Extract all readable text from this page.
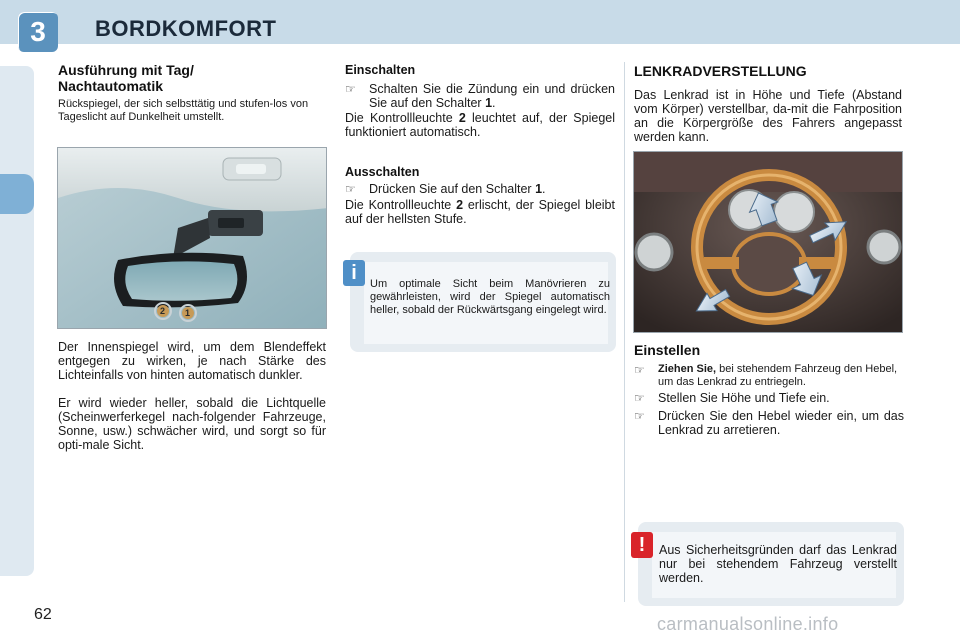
3	BORDKOMFORT
Ausführung mit Tag/ Nachtautomatik
Rückspiegel, der sich selbsttätig und stufen-los von Tageslicht auf Dunkelheit umstellt.
2 1
Der Innenspiegel wird, um dem Blendeffekt entgegen zu wirken, je nach Stärke des Lichteinfalls von hinten automatisch dunkler.
Er wird wieder heller, sobald die Lichtquelle (Scheinwerferkegel nach-folgender Fahrzeuge, Sonne, usw.) schwächer wird, und sorgt so für opti-male Sicht.
Einschalten
☞	Schalten Sie die Zündung ein und drücken Sie auf den Schalter 1.
Die Kontrollleuchte 2 leuchtet auf, der Spiegel funktioniert automatisch.
Ausschalten
☞	Drücken Sie auf den Schalter 1.
Die Kontrollleuchte 2 erlischt, der Spiegel bleibt auf der hellsten Stufe.
i	Um optimale Sicht beim Manövrieren zu gewährleisten, wird der Spiegel automatisch heller, sobald der Rückwärtsgang eingelegt wird.
LENKRADVERSTELLUNG
Das Lenkrad ist in Höhe und Tiefe (Abstand vom Körper) verstellbar, da-mit die Fahrposition an die Körpergröße des Fahrers angepasst werden kann.
Einstellen
☞	Ziehen Sie, bei stehendem Fahrzeug den Hebel, um das Lenkrad zu entriegeln.
☞	Stellen Sie Höhe und Tiefe ein.
☞	Drücken Sie den Hebel wieder ein, um das Lenkrad zu arretieren.
!	Aus Sicherheitsgründen darf das Lenkrad nur bei stehendem Fahrzeug verstellt werden.
62	carmanualsonline.info
